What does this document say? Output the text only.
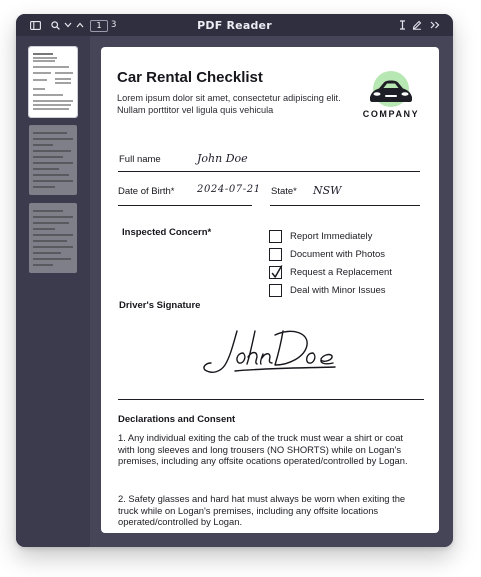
1	3	PDF Reader
Car Rental Checklist
Lorem ipsum dolor sit amet, consectetur adipiscing elit. Nullam porttitor vel ligula quis vehicula	COMPANY
Full name	John Doe
Date of Birth* 2024-07-21 State* NSW
Inspected Concern*	Report Immediately
Document with Photos
Request a Replacement
Deal with Minor Issues
Driver's Signature
Declarations and Consent
1. Any individual exiting the cab of the truck must wear a shirt or coat with long sleeves and long trousers (NO SHORTS) while on Logan's premises, including any offsite ocations operated/controlled by Logan.
2. Safety glasses and hard hat must always be worn when exiting the truck while on Logan's premises, including any offsite locations operated/controlled by Logan.
